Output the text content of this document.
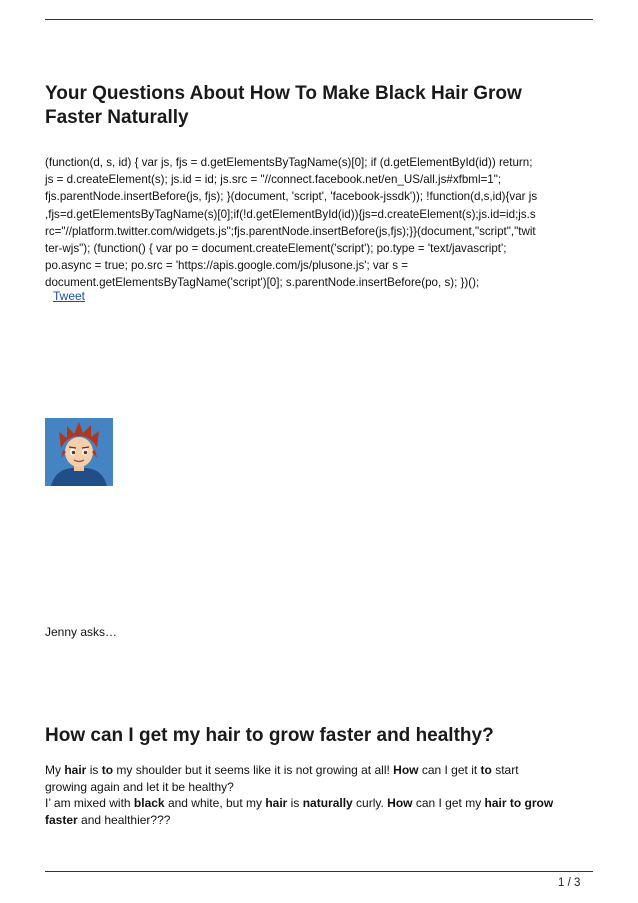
Your Questions About How To Make Black Hair Grow
Faster Naturally
(function(d, s, id) { var js, fjs = d.getElementsByTagName(s)[0]; if (d.getElementById(id)) return;
js = d.createElement(s); js.id = id; js.src = "//connect.facebook.net/en_US/all.js#xfbml=1";
fjs.parentNode.insertBefore(js, fjs); }(document, 'script', 'facebook-jssdk')); !function(d,s,id){var js
,fjs=d.getElementsByTagName(s)[0];if(!d.getElementById(id)){js=d.createElement(s);js.id=id;js.s
rc="//platform.twitter.com/widgets.js";fjs.parentNode.insertBefore(js,fjs);}}(document,"script","twit
ter-wjs"); (function() { var po = document.createElement('script'); po.type = 'text/javascript';
po.async = true; po.src = 'https://apis.google.com/js/plusone.js'; var s =
document.getElementsByTagName('script')[0]; s.parentNode.insertBefore(po, s); })();
Tweet

Jenny asks…

How can I get my hair to grow faster and healthy?

My hair is to my shoulder but it seems like it is not growing at all! How can I get it to start
growing again and let it be healthy?

I’ am mixed with black and white, but my hair is naturally curly. How can I get my hair to grow
faster and healthier???

1 / 3
